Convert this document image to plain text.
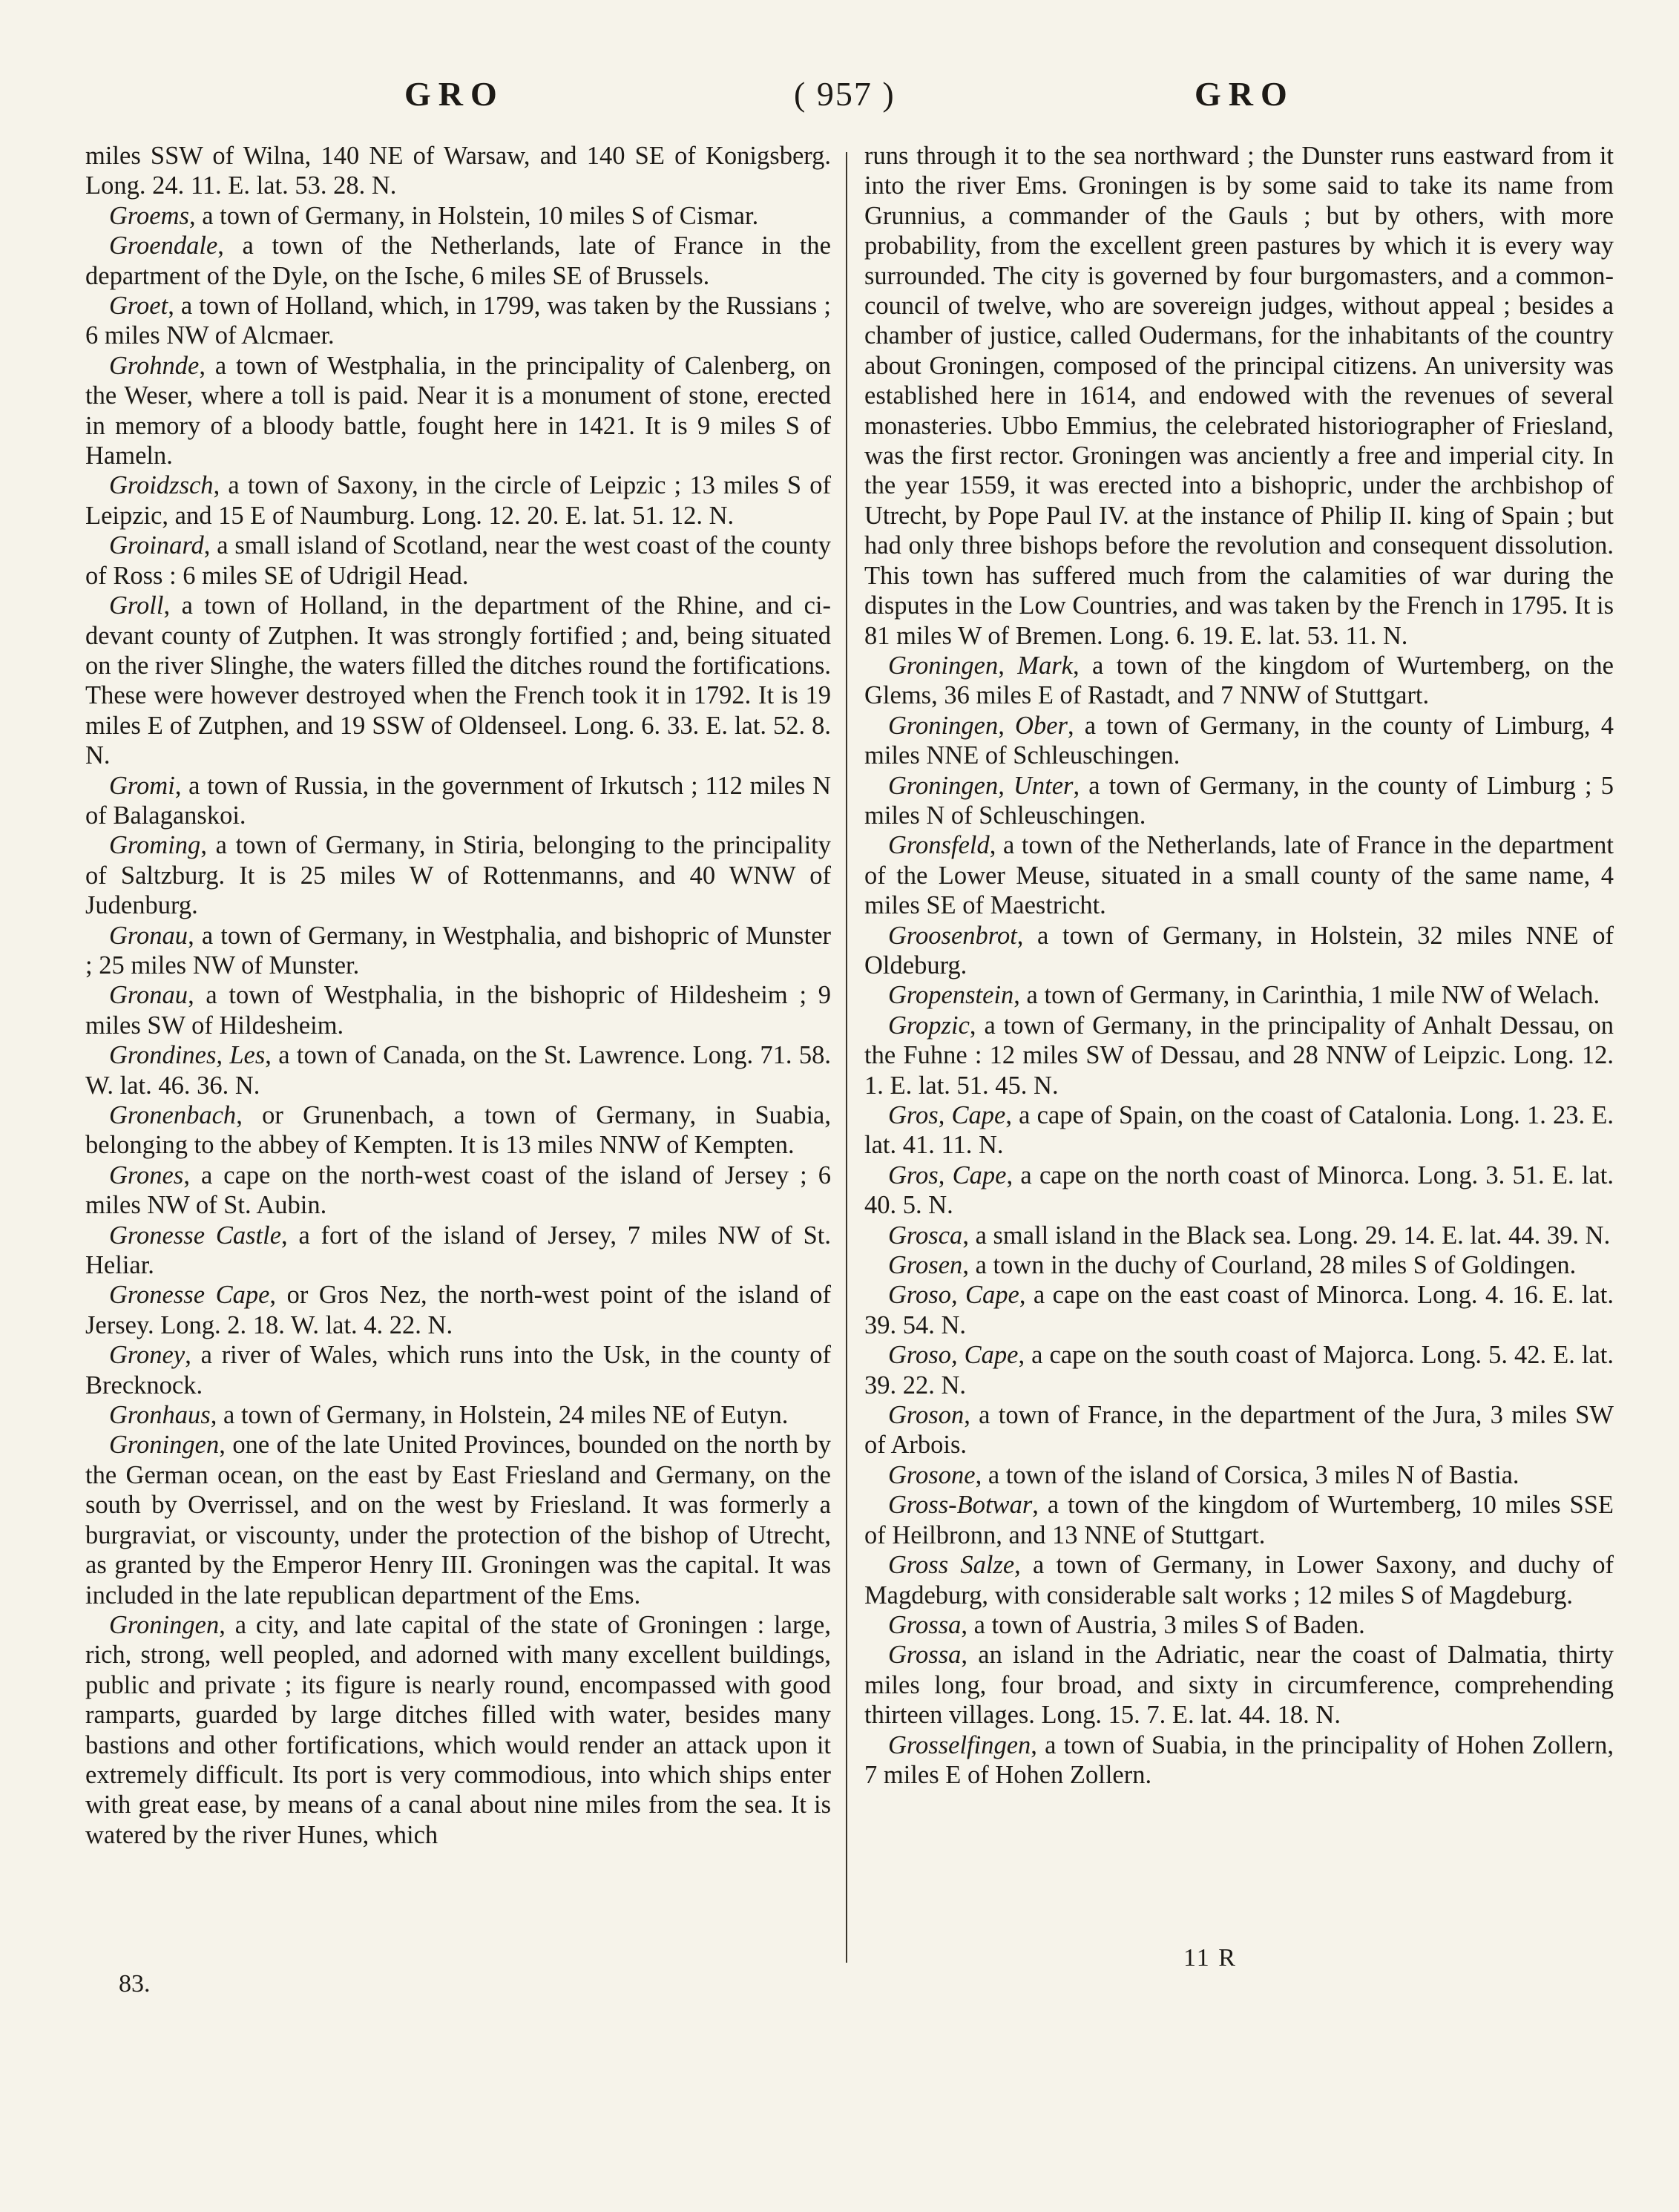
GRO	( 957 )	GRO

miles SSW of Wilna, 140 NE of Warsaw, and 140 SE of Konigsberg. Long. 24. 11. E. lat. 53. 28. N.

Groems, a town of Germany, in Holstein, 10 miles S of Cismar.

Groendale, a town of the Netherlands, late of France in the department of the Dyle, on the Ische, 6 miles SE of Brussels.

Groet, a town of Holland, which, in 1799, was taken by the Russians ; 6 miles NW of Alcmaer.

Grohnde, a town of Westphalia, in the principality of Calenberg, on the Weser, where a toll is paid. Near it is a monument of stone, erected in memory of a bloody battle, fought here in 1421. It is 9 miles S of Hameln.

Groidzsch, a town of Saxony, in the circle of Leipzic ; 13 miles S of Leipzic, and 15 E of Naumburg. Long. 12. 20. E. lat. 51. 12. N.

Groinard, a small island of Scotland, near the west coast of the county of Ross : 6 miles SE of Udrigil Head.

Groll, a town of Holland, in the department of the Rhine, and ci-devant county of Zutphen. It was strongly fortified ; and, being situated on the river Slinghe, the waters filled the ditches round the fortifications. These were however destroyed when the French took it in 1792. It is 19 miles E of Zutphen, and 19 SSW of Oldenseel. Long. 6. 33. E. lat. 52. 8. N.

Gromi, a town of Russia, in the government of Irkutsch ; 112 miles N of Balaganskoi.

Groming, a town of Germany, in Stiria, belonging to the principality of Saltzburg. It is 25 miles W of Rottenmanns, and 40 WNW of Judenburg.

Gronau, a town of Germany, in Westphalia, and bishopric of Munster ; 25 miles NW of Munster.

Gronau, a town of Westphalia, in the bishopric of Hildesheim ; 9 miles SW of Hildesheim.

Grondines, Les, a town of Canada, on the St. Lawrence. Long. 71. 58. W. lat. 46. 36. N.

Gronenbach, or Grunenbach, a town of Germany, in Suabia, belonging to the abbey of Kempten. It is 13 miles NNW of Kempten.

Grones, a cape on the north-west coast of the island of Jersey ; 6 miles NW of St. Aubin.

Gronesse Castle, a fort of the island of Jersey, 7 miles NW of St. Heliar.

Gronesse Cape, or Gros Nez, the north-west point of the island of Jersey. Long. 2. 18. W. lat. 4. 22. N.

Groney, a river of Wales, which runs into the Usk, in the county of Brecknock.

Gronhaus, a town of Germany, in Holstein, 24 miles NE of Eutyn.

Groningen, one of the late United Provinces, bounded on the north by the German ocean, on the east by East Friesland and Germany, on the south by Overrissel, and on the west by Friesland. It was formerly a burgraviat, or viscounty, under the protection of the bishop of Utrecht, as granted by the Emperor Henry III. Groningen was the capital. It was included in the late republican department of the Ems.

Groningen, a city, and late capital of the state of Groningen : large, rich, strong, well peopled, and adorned with many excellent buildings, public and private ; its figure is nearly round, encompassed with good ramparts, guarded by large ditches filled with water, besides many bastions and other fortifications, which would render an attack upon it extremely difficult. Its port is very commodious, into which ships enter with great ease, by means of a canal about nine miles from the sea. It is watered by the river Hunes, which

runs through it to the sea northward ; the Dunster runs eastward from it into the river Ems. Groningen is by some said to take its name from Grunnius, a commander of the Gauls ; but by others, with more probability, from the excellent green pastures by which it is every way surrounded. The city is governed by four burgomasters, and a common-council of twelve, who are sovereign judges, without appeal ; besides a chamber of justice, called Oudermans, for the inhabitants of the country about Groningen, composed of the principal citizens. An university was established here in 1614, and endowed with the revenues of several monasteries. Ubbo Emmius, the celebrated historiographer of Friesland, was the first rector. Groningen was anciently a free and imperial city. In the year 1559, it was erected into a bishopric, under the archbishop of Utrecht, by Pope Paul IV. at the instance of Philip II. king of Spain ; but had only three bishops before the revolution and consequent dissolution. This town has suffered much from the calamities of war during the disputes in the Low Countries, and was taken by the French in 1795. It is 81 miles W of Bremen. Long. 6. 19. E. lat. 53. 11. N.

Groningen, Mark, a town of the kingdom of Wurtemberg, on the Glems, 36 miles E of Rastadt, and 7 NNW of Stuttgart.

Groningen, Ober, a town of Germany, in the county of Limburg, 4 miles NNE of Schleuschingen.

Groningen, Unter, a town of Germany, in the county of Limburg ; 5 miles N of Schleuschingen.

Gronsfeld, a town of the Netherlands, late of France in the department of the Lower Meuse, situated in a small county of the same name, 4 miles SE of Maestricht.

Groosenbrot, a town of Germany, in Holstein, 32 miles NNE of Oldeburg.

Gropenstein, a town of Germany, in Carinthia, 1 mile NW of Welach.

Gropzic, a town of Germany, in the principality of Anhalt Dessau, on the Fuhne : 12 miles SW of Dessau, and 28 NNW of Leipzic. Long. 12. 1. E. lat. 51. 45. N.

Gros, Cape, a cape of Spain, on the coast of Catalonia. Long. 1. 23. E. lat. 41. 11. N.

Gros, Cape, a cape on the north coast of Minorca. Long. 3. 51. E. lat. 40. 5. N.

Grosca, a small island in the Black sea. Long. 29. 14. E. lat. 44. 39. N.

Grosen, a town in the duchy of Courland, 28 miles S of Goldingen.

Groso, Cape, a cape on the east coast of Minorca. Long. 4. 16. E. lat. 39. 54. N.

Groso, Cape, a cape on the south coast of Majorca. Long. 5. 42. E. lat. 39. 22. N.

Groson, a town of France, in the department of the Jura, 3 miles SW of Arbois.

Grosone, a town of the island of Corsica, 3 miles N of Bastia.

Gross-Botwar, a town of the kingdom of Wurtemberg, 10 miles SSE of Heilbronn, and 13 NNE of Stuttgart.

Gross Salze, a town of Germany, in Lower Saxony, and duchy of Magdeburg, with considerable salt works ; 12 miles S of Magdeburg.

Grossa, a town of Austria, 3 miles S of Baden.

Grossa, an island in the Adriatic, near the coast of Dalmatia, thirty miles long, four broad, and sixty in circumference, comprehending thirteen villages. Long. 15. 7. E. lat. 44. 18. N.

Grosselfingen, a town of Suabia, in the principality of Hohen Zollern, 7 miles E of Hohen Zollern.

83.
11 R
